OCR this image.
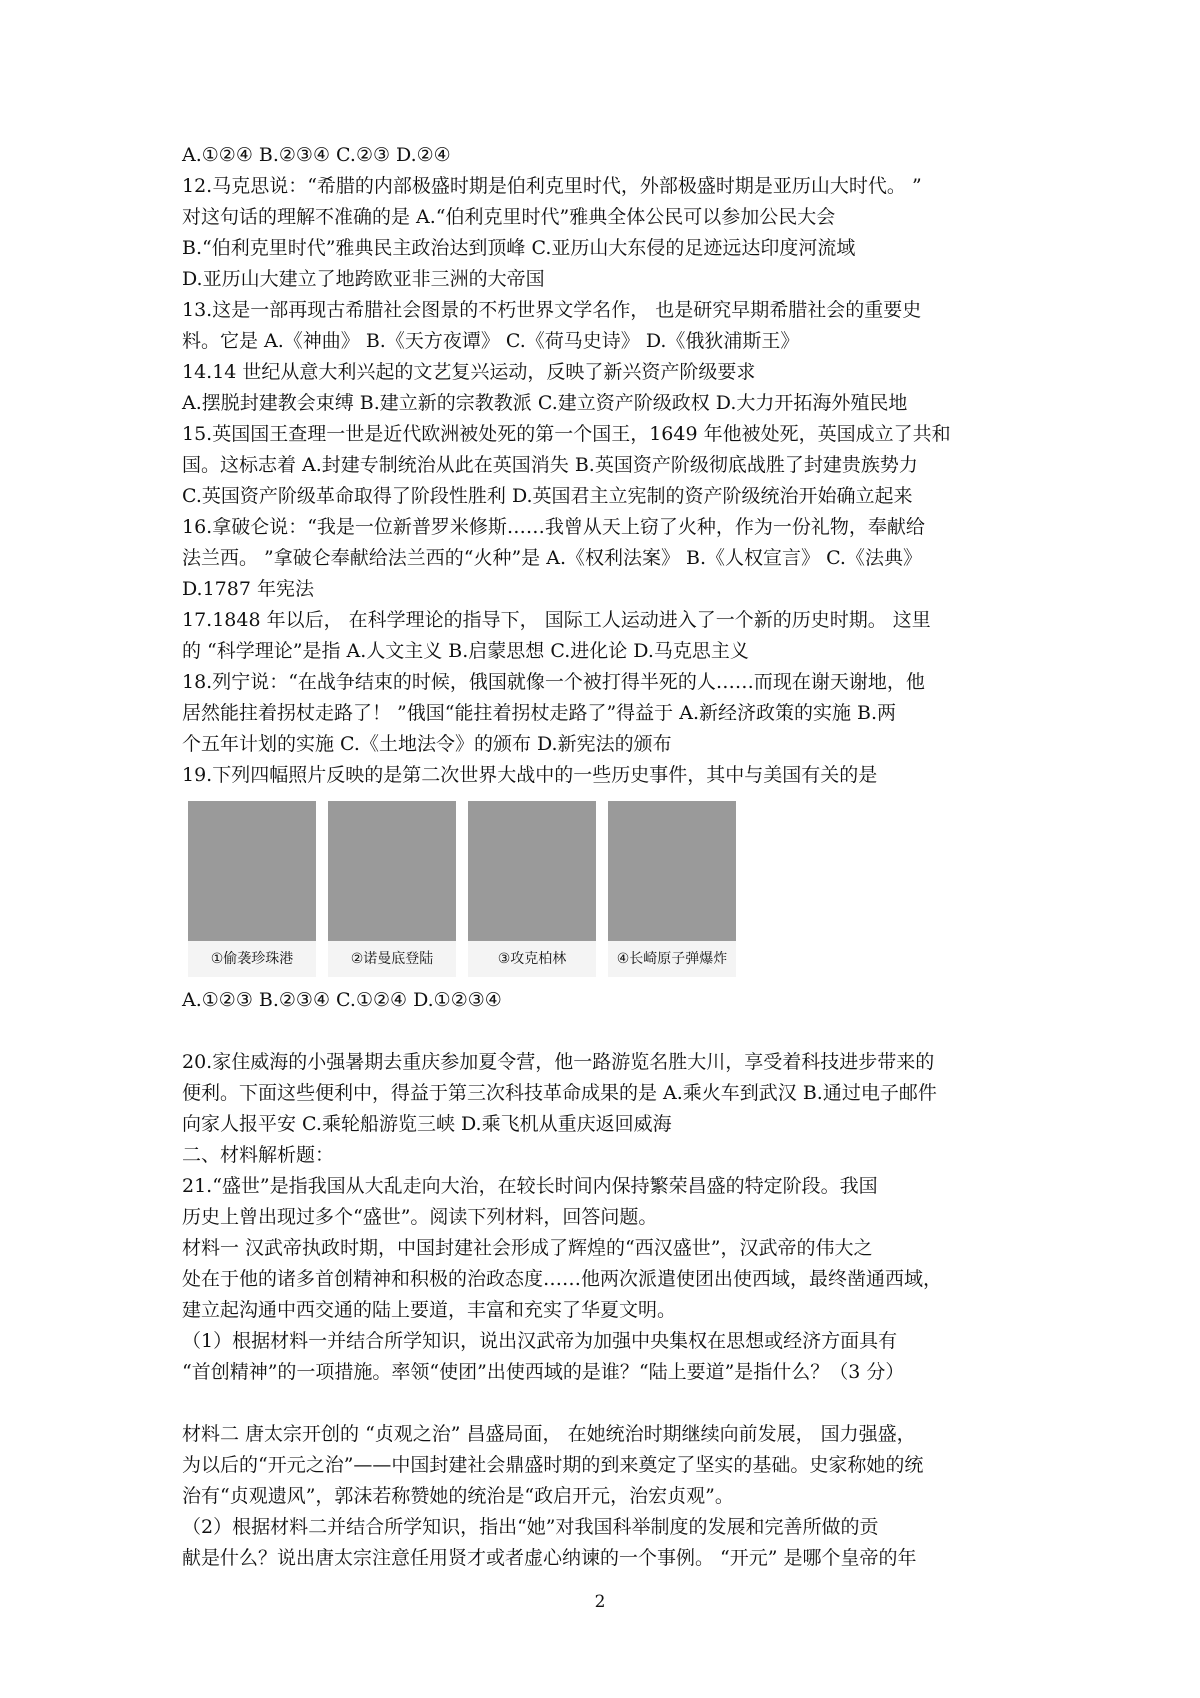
A.①②④ B.②③④ C.②③ D.②④

12.马克思说：“希腊的内部极盛时期是伯利克里时代，外部极盛时期是亚历山大时代。 ”

对这句话的理解不准确的是 A.“伯利克里时代”雅典全体公民可以参加公民大会

B.“伯利克里时代”雅典民主政治达到顶峰 C.亚历山大东侵的足迹远达印度河流域

D.亚历山大建立了地跨欧亚非三洲的大帝国

13.这是一部再现古希腊社会图景的不朽世界文学名作， 也是研究早期希腊社会的重要史

料。它是 A.《神曲》 B.《天方夜谭》 C.《荷马史诗》 D.《俄狄浦斯王》

14.14 世纪从意大利兴起的文艺复兴运动，反映了新兴资产阶级要求

A.摆脱封建教会束缚 B.建立新的宗教教派 C.建立资产阶级政权 D.大力开拓海外殖民地

15.英国国王查理一世是近代欧洲被处死的第一个国王，1649 年他被处死，英国成立了共和

国。这标志着 A.封建专制统治从此在英国消失 B.英国资产阶级彻底战胜了封建贵族势力

C.英国资产阶级革命取得了阶段性胜利 D.英国君主立宪制的资产阶级统治开始确立起来

16.拿破仑说：“我是一位新普罗米修斯……我曾从天上窃了火种，作为一份礼物，奉献给

法兰西。 ”拿破仑奉献给法兰西的“火种”是 A.《权利法案》 B.《人权宣言》 C.《法典》

D.1787 年宪法

17.1848 年以后， 在科学理论的指导下， 国际工人运动进入了一个新的历史时期。 这里

的 “科学理论”是指 A.人文主义 B.启蒙思想 C.进化论 D.马克思主义

18.列宁说：“在战争结束的时候，俄国就像一个被打得半死的人……而现在谢天谢地，他

居然能拄着拐杖走路了！ ”俄国“能拄着拐杖走路了”得益于 A.新经济政策的实施 B.两

个五年计划的实施 C.《土地法令》的颁布 D.新宪法的颁布

19.下列四幅照片反映的是第二次世界大战中的一些历史事件，其中与美国有关的是

①偷袭珍珠港	②诺曼底登陆	③攻克柏林	④长崎原子弹爆炸

A.①②③ B.②③④ C.①②④ D.①②③④

20.家住威海的小强暑期去重庆参加夏令营，他一路游览名胜大川，享受着科技进步带来的

便利。下面这些便利中，得益于第三次科技革命成果的是 A.乘火车到武汉 B.通过电子邮件

向家人报平安 C.乘轮船游览三峡 D.乘飞机从重庆返回威海

二、材料解析题：

21.“盛世”是指我国从大乱走向大治，在较长时间内保持繁荣昌盛的特定阶段。我国

历史上曾出现过多个“盛世”。阅读下列材料，回答问题。

材料一 汉武帝执政时期，中国封建社会形成了辉煌的“西汉盛世”，汉武帝的伟大之

处在于他的诸多首创精神和积极的治政态度……他两次派遣使团出使西域，最终凿通西域，

建立起沟通中西交通的陆上要道，丰富和充实了华夏文明。

（1）根据材料一并结合所学知识，说出汉武帝为加强中央集权在思想或经济方面具有

“首创精神”的一项措施。率领“使团”出使西域的是谁？“陆上要道”是指什么？（3 分）

材料二 唐太宗开创的 “贞观之治” 昌盛局面， 在她统治时期继续向前发展， 国力强盛，

为以后的“开元之治”——中国封建社会鼎盛时期的到来奠定了坚实的基础。史家称她的统

治有“贞观遗风”，郭沫若称赞她的统治是“政启开元，治宏贞观”。

（2）根据材料二并结合所学知识，指出“她”对我国科举制度的发展和完善所做的贡

献是什么？说出唐太宗注意任用贤才或者虚心纳谏的一个事例。 “开元” 是哪个皇帝的年

2
